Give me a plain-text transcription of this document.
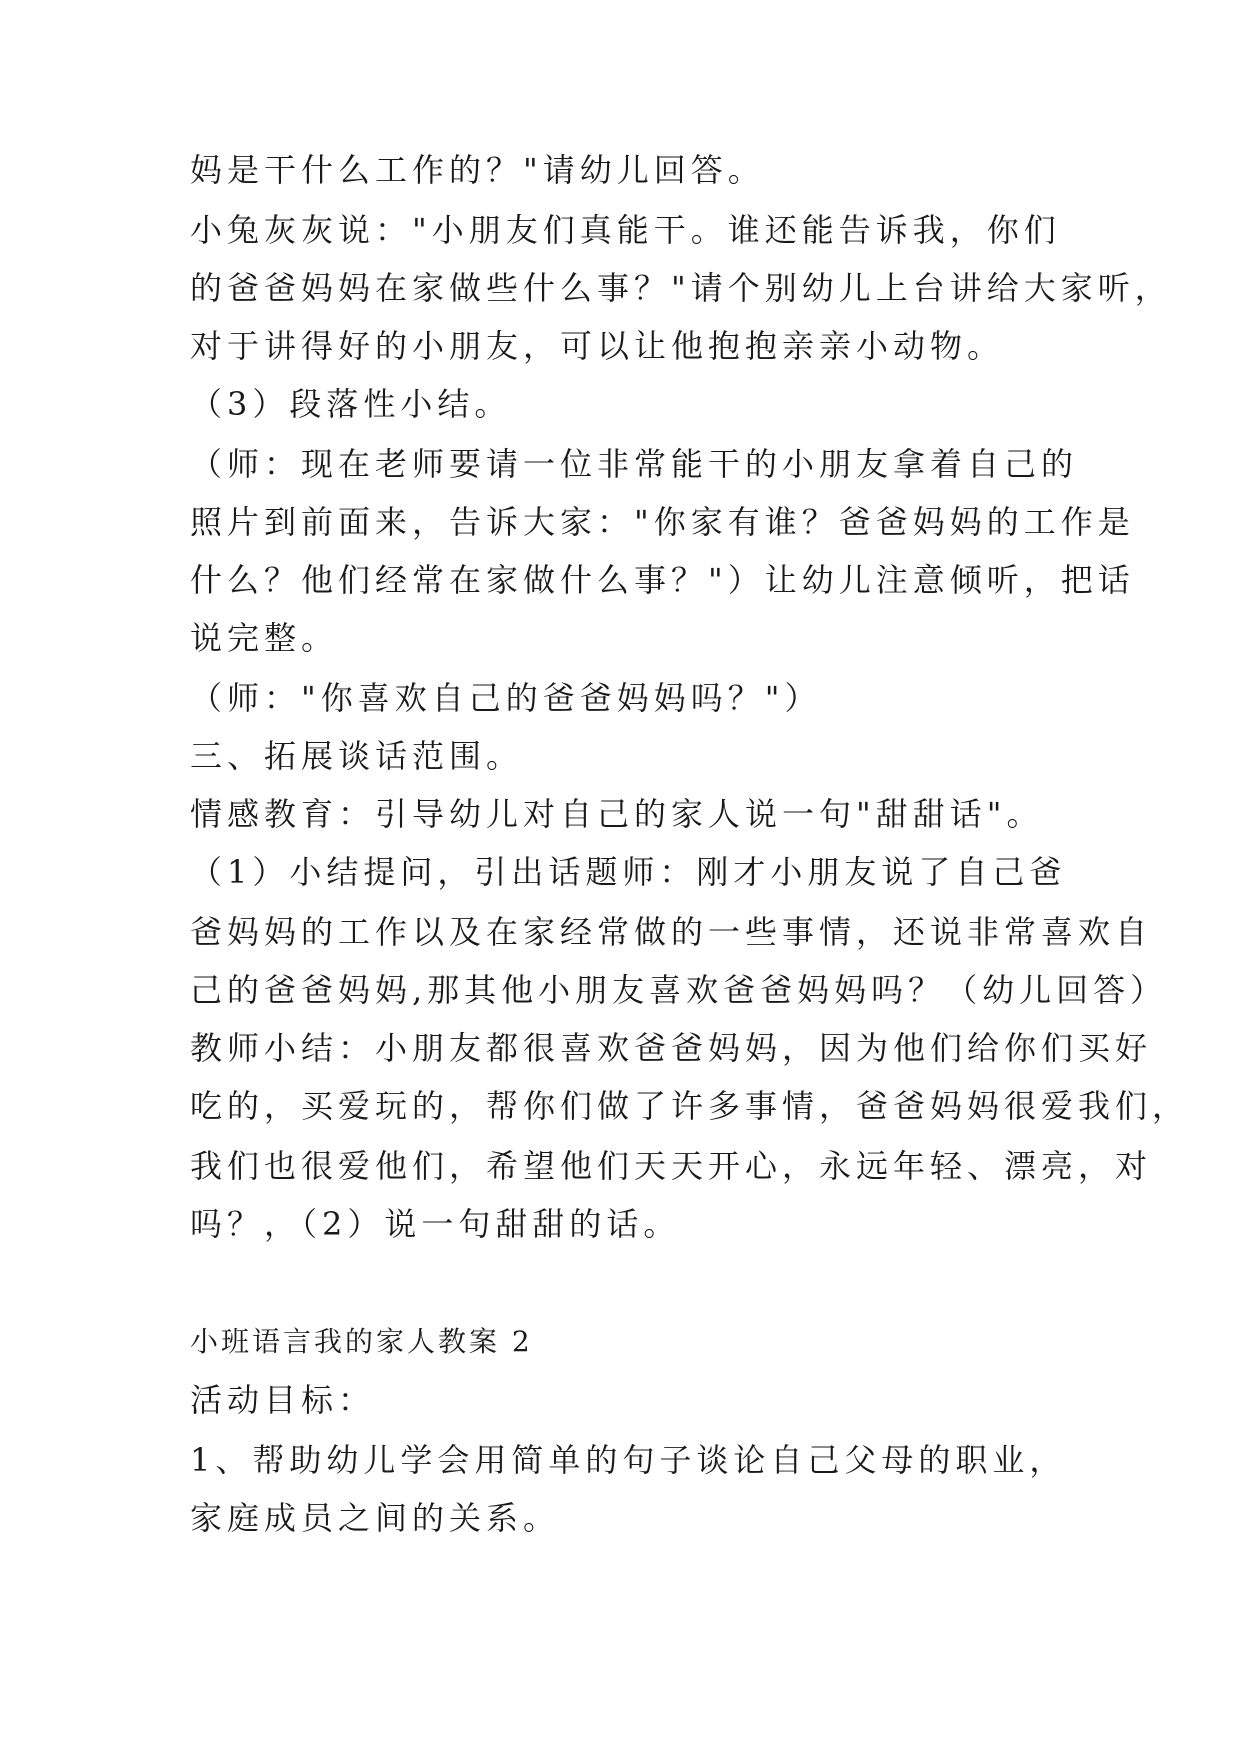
妈是干什么工作的？"请幼儿回答。
小兔灰灰说："小朋友们真能干。谁还能告诉我，你们
的爸爸妈妈在家做些什么事？"请个别幼儿上台讲给大家听，
对于讲得好的小朋友，可以让他抱抱亲亲小动物。
（3）段落性小结。
（师：现在老师要请一位非常能干的小朋友拿着自己的
照片到前面来，告诉大家："你家有谁？爸爸妈妈的工作是
什么？他们经常在家做什么事？"）让幼儿注意倾听，把话
说完整。
（师："你喜欢自己的爸爸妈妈吗？"）
三、拓展谈话范围。
情感教育：引导幼儿对自己的家人说一句"甜甜话"。
（1）小结提问，引出话题师：刚才小朋友说了自己爸
爸妈妈的工作以及在家经常做的一些事情，还说非常喜欢自
己的爸爸妈妈,那其他小朋友喜欢爸爸妈妈吗？（幼儿回答）
教师小结：小朋友都很喜欢爸爸妈妈，因为他们给你们买好
吃的，买爱玩的，帮你们做了许多事情，爸爸妈妈很爱我们，
我们也很爱他们，希望他们天天开心，永远年轻、漂亮，对
吗？，（2）说一句甜甜的话。
小班语言我的家人教案 2
活动目标：
1、帮助幼儿学会用简单的句子谈论自己父母的职业，
家庭成员之间的关系。
